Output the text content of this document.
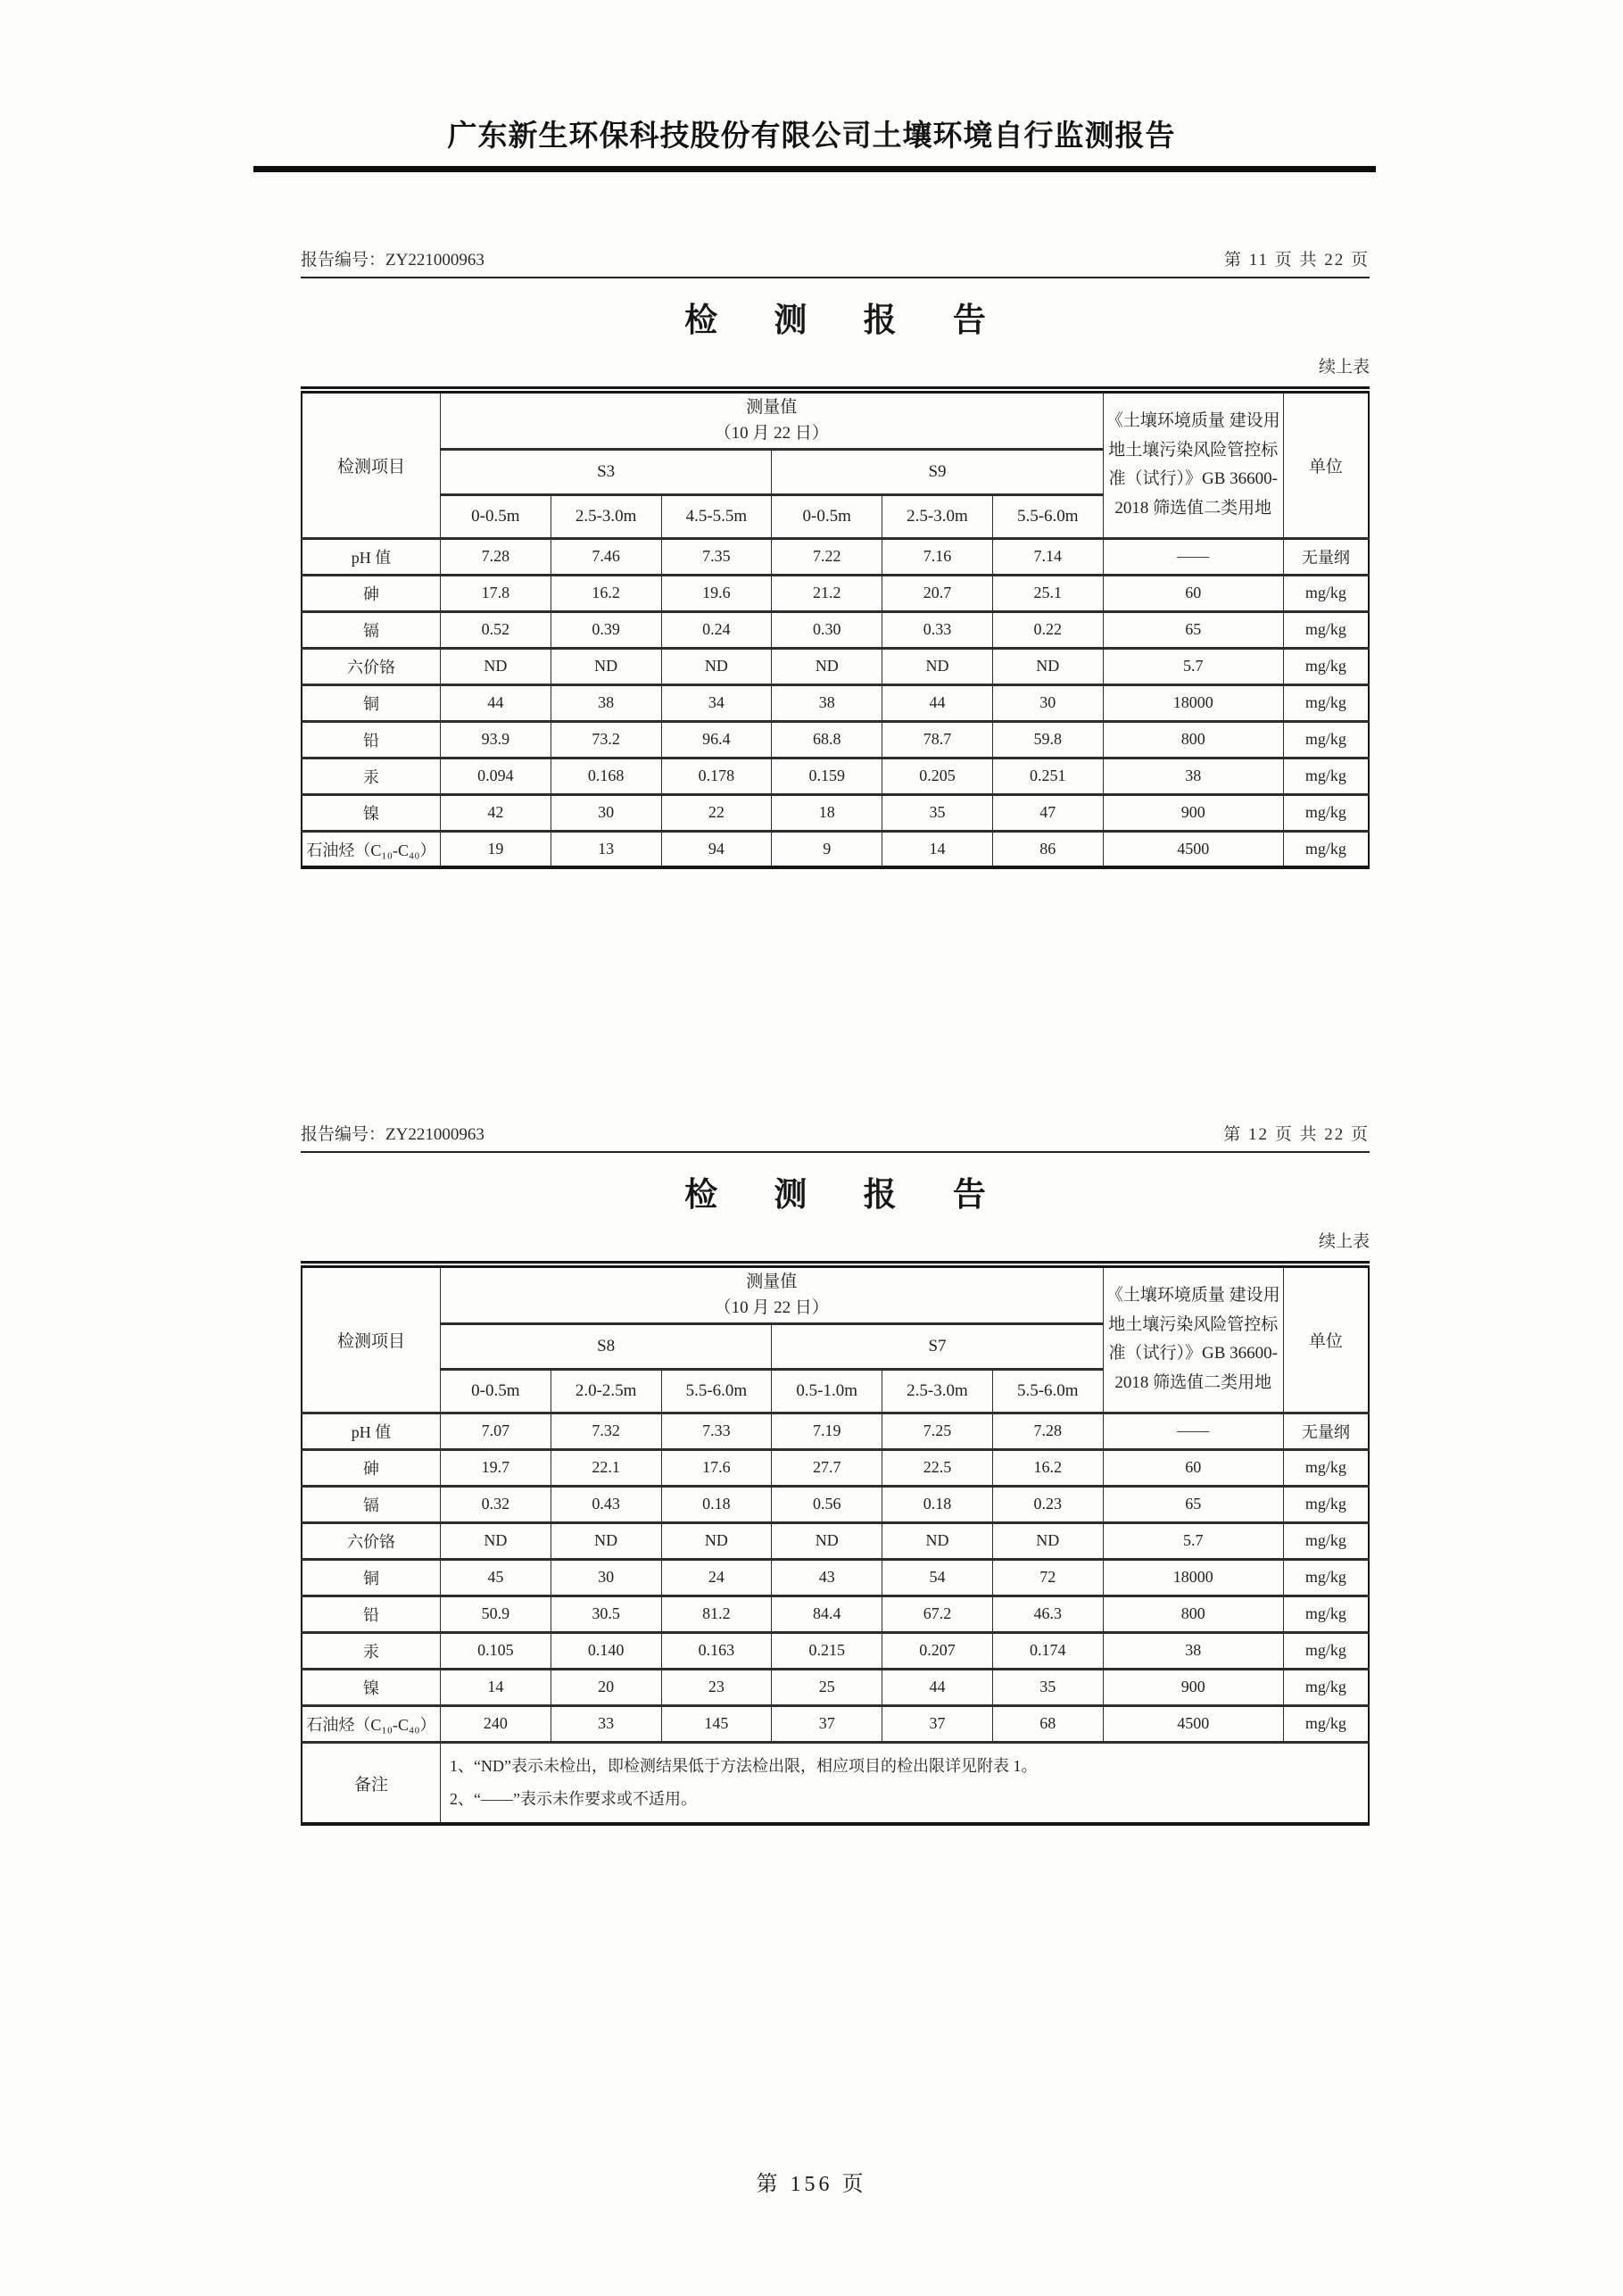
广东新生环保科技股份有限公司土壤环境自行监测报告
报告编号：ZY221000963	第 11 页 共 22 页
检 测 报 告
续上表
检测项目	测量值
（10 月 22 日）						《土壤环境质量 建设用地土壤污染风险管控标准（试行）》GB 36600-2018 筛选值二类用地	单位
	S3			S9				
	0-0.5m	2.5-3.0m	4.5-5.5m	0-0.5m	2.5-3.0m	5.5-6.0m		
pH 值	7.28	7.46	7.35	7.22	7.16	7.14	——	无量纲
砷	17.8	16.2	19.6	21.2	20.7	25.1	60	mg/kg
镉	0.52	0.39	0.24	0.30	0.33	0.22	65	mg/kg
六价铬	ND	ND	ND	ND	ND	ND	5.7	mg/kg
铜	44	38	34	38	44	30	18000	mg/kg
铅	93.9	73.2	96.4	68.8	78.7	59.8	800	mg/kg
汞	0.094	0.168	0.178	0.159	0.205	0.251	38	mg/kg
镍	42	30	22	18	35	47	900	mg/kg
石油烃（C₁₀-C₄₀）	19	13	94	9	14	86	4500	mg/kg
报告编号：ZY221000963	第 12 页 共 22 页
检 测 报 告
续上表
检测项目	测量值
（10 月 22 日）						《土壤环境质量 建设用地土壤污染风险管控标准（试行）》GB 36600-2018 筛选值二类用地	单位
	S8			S7				
	0-0.5m	2.0-2.5m	5.5-6.0m	0.5-1.0m	2.5-3.0m	5.5-6.0m		
pH 值	7.07	7.32	7.33	7.19	7.25	7.28	——	无量纲
砷	19.7	22.1	17.6	27.7	22.5	16.2	60	mg/kg
镉	0.32	0.43	0.18	0.56	0.18	0.23	65	mg/kg
六价铬	ND	ND	ND	ND	ND	ND	5.7	mg/kg
铜	45	30	24	43	54	72	18000	mg/kg
铅	50.9	30.5	81.2	84.4	67.2	46.3	800	mg/kg
汞	0.105	0.140	0.163	0.215	0.207	0.174	38	mg/kg
镍	14	20	23	25	44	35	900	mg/kg
石油烃（C₁₀-C₄₀）	240	33	145	37	37	68	4500	mg/kg
备注	1、“ND”表示未检出，即检测结果低于方法检出限，相应项目的检出限详见附表 1。
2、“——”表示未作要求或不适用。							
第 156 页
